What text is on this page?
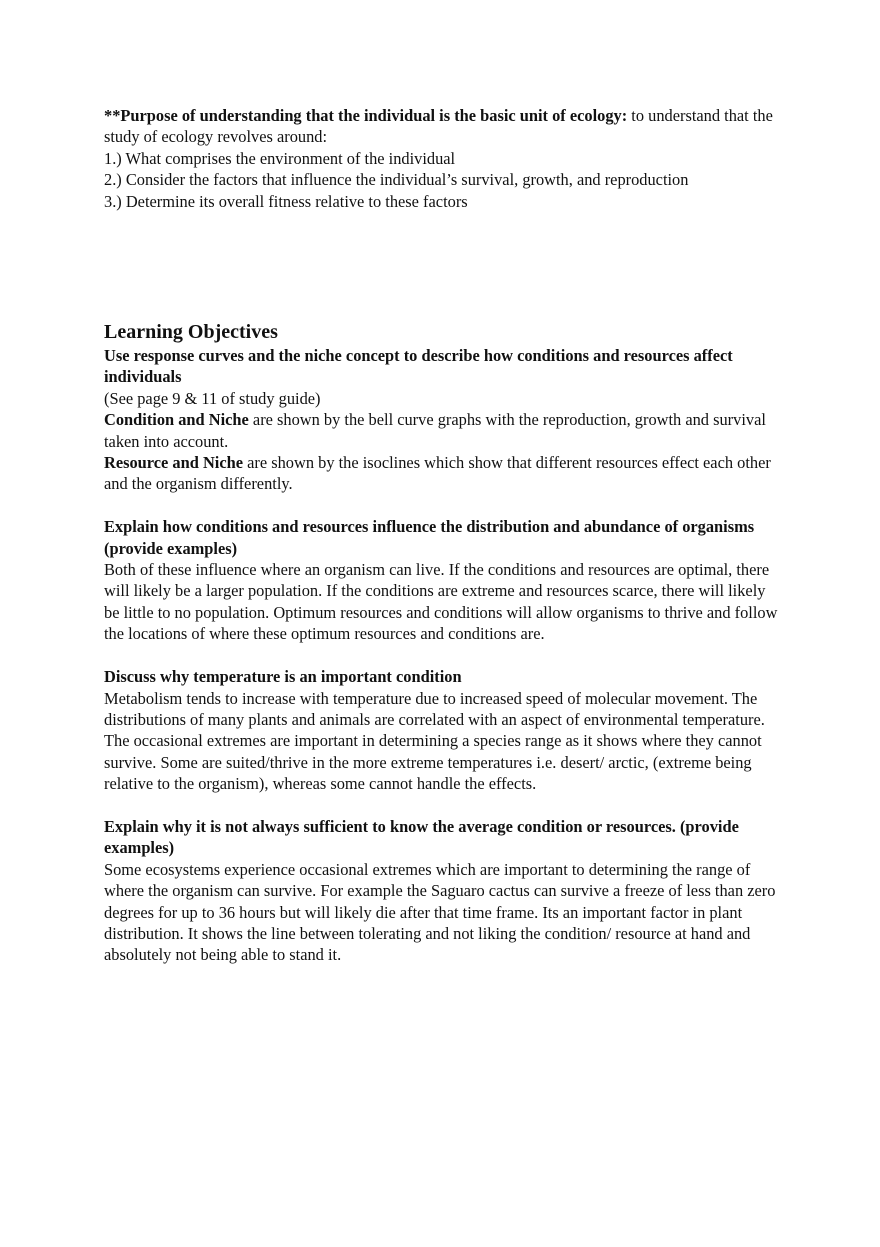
**Purpose of understanding that the individual is the basic unit of ecology: to understand that the study of ecology revolves around:

1.) What comprises the environment of the individual

2.) Consider the factors that influence the individual’s survival, growth, and reproduction

3.) Determine its overall fitness relative to these factors

Learning Objectives

Use response curves and the niche concept to describe how conditions and resources affect individuals

(See page 9 & 11 of study guide)

Condition and Niche are shown by the bell curve graphs with the reproduction, growth and survival taken into account.

Resource and Niche are shown by the isoclines which show that different resources effect each other and the organism differently.

Explain how conditions and resources influence the distribution and abundance of organisms (provide examples)

Both of these influence where an organism can live. If the conditions and resources are optimal, there will likely be a larger population. If the conditions are extreme and resources scarce, there will likely be little to no population. Optimum resources and conditions will allow organisms to thrive and follow the locations of where these optimum resources and conditions are.

Discuss why temperature is an important condition

Metabolism tends to increase with temperature due to increased speed of molecular movement. The distributions of many plants and animals are correlated with an aspect of environmental temperature. The occasional extremes are important in determining a species range as it shows where they cannot survive. Some are suited/thrive in the more extreme temperatures i.e. desert/ arctic, (extreme being relative to the organism), whereas some cannot handle the effects.

Explain why it is not always sufficient to know the average condition or resources. (provide examples)

Some ecosystems experience occasional extremes which are important to determining the range of where the organism can survive. For example the Saguaro cactus can survive a freeze of less than zero degrees for up to 36 hours but will likely die after that time frame. Its an important factor in plant distribution. It shows the line between tolerating and not liking the condition/ resource at hand and absolutely not being able to stand it.
